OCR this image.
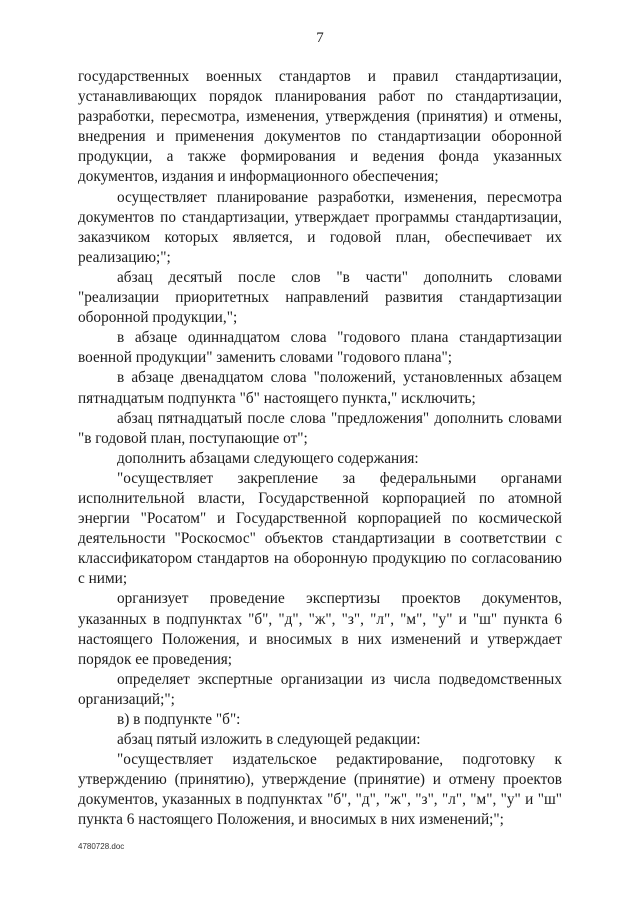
7

государственных военных стандартов и правил стандартизации, устанавливающих порядок планирования работ по стандартизации, разработки, пересмотра, изменения, утверждения (принятия) и отмены, внедрения и применения документов по стандартизации оборонной продукции, а также формирования и ведения фонда указанных документов, издания и информационного обеспечения;

осуществляет планирование разработки, изменения, пересмотра документов по стандартизации, утверждает программы стандартизации, заказчиком которых является, и годовой план, обеспечивает их реализацию;";

абзац десятый после слов "в части" дополнить словами "реализации приоритетных направлений развития стандартизации оборонной продукции,";

в абзаце одиннадцатом слова "годового плана стандартизации военной продукции" заменить словами "годового плана";

в абзаце двенадцатом слова "положений, установленных абзацем пятнадцатым подпункта "б" настоящего пункта," исключить;

абзац пятнадцатый после слова "предложения" дополнить словами "в годовой план, поступающие от";

дополнить абзацами следующего содержания:

"осуществляет закрепление за федеральными органами исполнительной власти, Государственной корпорацией по атомной энергии "Росатом" и Государственной корпорацией по космической деятельности "Роскосмос" объектов стандартизации в соответствии с классификатором стандартов на оборонную продукцию по согласованию с ними;

организует проведение экспертизы проектов документов, указанных в подпунктах "б", "д", "ж", "з", "л", "м", "у" и "ш" пункта 6 настоящего Положения, и вносимых в них изменений и утверждает порядок ее проведения;

определяет экспертные организации из числа подведомственных организаций;";

в) в подпункте "б":

абзац пятый изложить в следующей редакции:

"осуществляет издательское редактирование, подготовку к утверждению (принятию), утверждение (принятие) и отмену проектов документов, указанных в подпунктах "б", "д", "ж", "з", "л", "м", "у" и "ш" пункта 6 настоящего Положения, и вносимых в них изменений;";

4780728.doc
